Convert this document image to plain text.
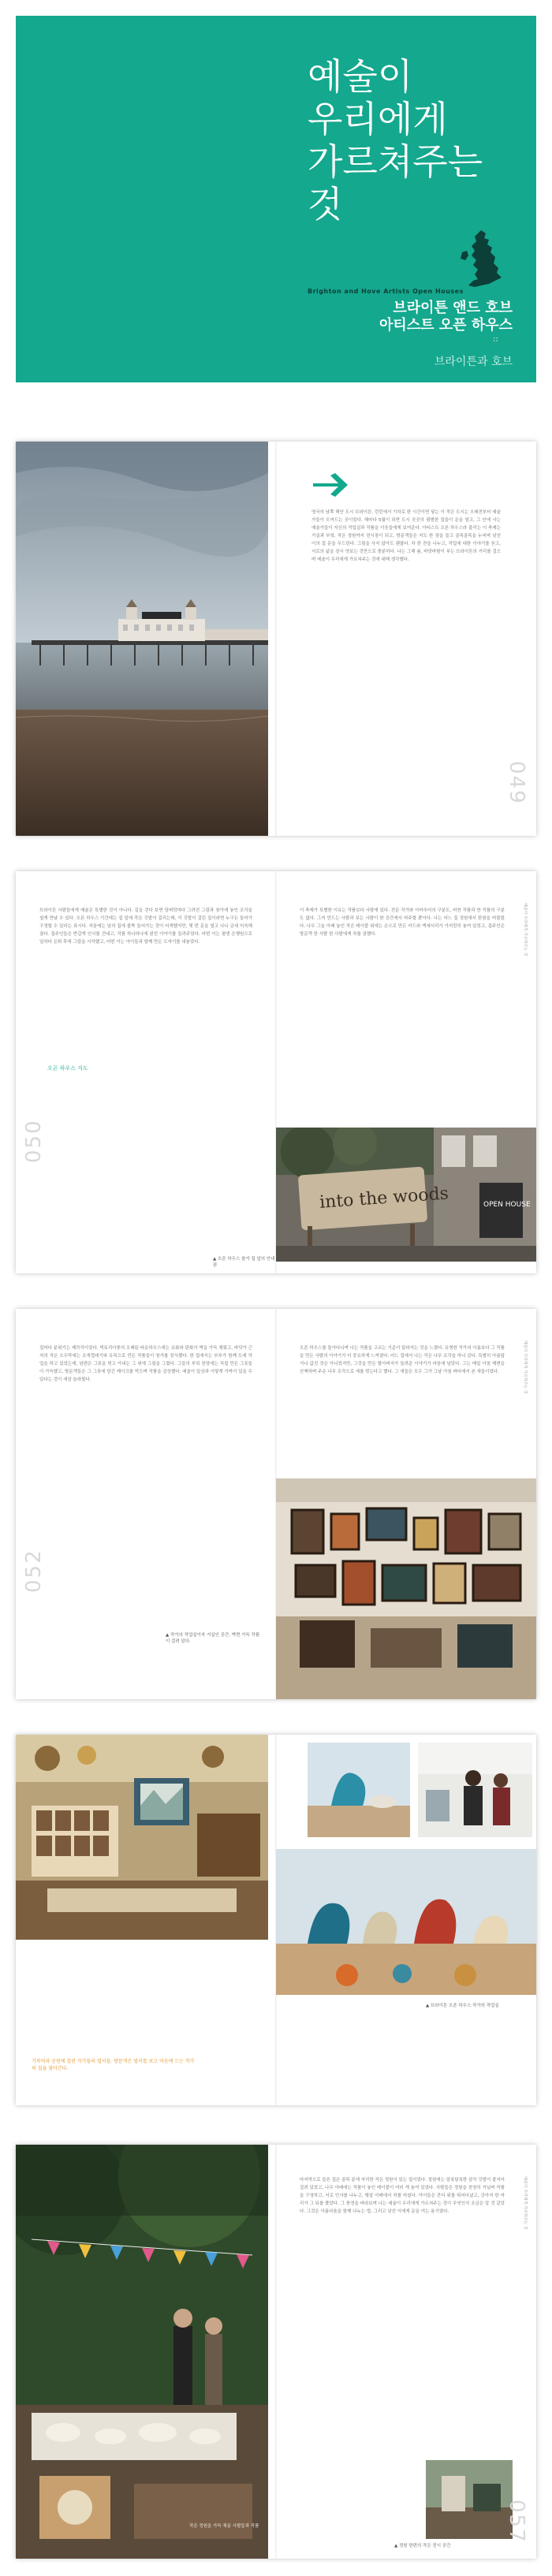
예술이
우리에게
가르쳐주는
것
Brighton and Hove Artists Open Houses
브라이튼 앤드 호브
아티스트 오픈 하우스
::
브라이튼과 호브

영국의 남쪽 해안 도시 브라이튼. 런던에서 기차로 한 시간이면 닿는 이 작은 도시는 오래전부터 예술가들이 모여드는 곳이었다. 해마다 5월이 되면 도시 곳곳의 평범한 집들이 문을 열고, 그 안에 사는 예술가들이 자신의 작업실과 작품을 이웃들에게 보여준다. 아티스트 오픈 하우스라 불리는 이 축제는 거실과 부엌, 작은 정원까지 전시장이 되고, 방문객들은 지도 한 장을 들고 골목골목을 누비며 낯선 이의 집 문을 두드린다. 그림을 사지 않아도 괜찮다. 차 한 잔을 나누고, 작업에 대한 이야기를 듣고, 서로의 삶을 잠시 엿보는 것만으로 충분하다. 나는 그해 봄, 바닷바람이 부는 브라이튼의 거리를 걸으며 예술이 우리에게 가르쳐주는 것에 대해 생각했다.

049

브라이튼 사람들에게 예술은 특별한 것이 아니다. 길을 걷다 보면 담벼락마다 그려진 그림과 창가에 놓인 조각을 쉽게 만날 수 있다. 오픈 하우스 기간에는 집 앞에 작은 깃발이 걸리는데, 이 깃발이 걸린 집이라면 누구든 들어가 구경할 수 있다는 표시다. 처음에는 남의 집에 불쑥 들어가는 것이 어색했지만, 몇 번 문을 열고 나니 금세 익숙해졌다. 집주인들은 반갑게 인사를 건네고, 작품 하나하나에 얽힌 이야기를 들려주었다. 어떤 이는 평생 은행원으로 일하다 은퇴 후에 그림을 시작했고, 어떤 이는 아이들과 함께 만든 도자기를 내놓았다.

오픈 하우스 지도
050

이 축제가 특별한 이유는 작품보다 사람에 있다. 전문 작가와 아마추어의 구분도, 비싼 작품과 싼 작품의 구분도 없다. 그저 만드는 사람과 보는 사람이 한 공간에서 마주할 뿐이다. 나는 어느 집 정원에서 한참을 머물렀다. 나무 그늘 아래 놓인 작은 테이블 위에는 손으로 만든 카드와 액세서리가 가지런히 놓여 있었고, 집주인은 방문객 한 사람 한 사람에게 차를 권했다.	예술이 우리에게 가르쳐주는 것
into the woods	OPEN HOUSE
▲ 오픈 하우스 참가 집 앞의 안내판

집마다 분위기는 제각각이었다. 빅토리아풍의 오래된 타운하우스에는 유화와 판화가 벽을 가득 채웠고, 바닷가 근처의 작은 오두막에는 조개껍데기와 유목으로 만든 작품들이 창가를 장식했다. 한 집에서는 부부가 함께 도예 작업을 하고 있었는데, 남편은 그릇을 빚고 아내는 그 위에 그림을 그렸다. 그들의 부엌 찬장에는 직접 만든 그릇들이 가득했고, 방문객들은 그 그릇에 담긴 케이크를 먹으며 작품을 감상했다. 예술이 일상과 이렇게 가까이 있을 수 있다는 것이 새삼 놀라웠다.

052
▲ 작가의 작업실이자 거실인 공간. 벽면 가득 작품이 걸려 있다.

오픈 하우스를 돌아다니며 나는 작품을 고르는 기준이 달라지는 것을 느꼈다. 유명한 작가의 이름보다 그 작품을 만든 사람의 이야기가 더 중요하게 느껴졌다. 어느 집에서 나는 작은 나무 조각을 하나 샀다. 특별히 아름답거나 값진 것은 아니었지만, 그것을 만든 할아버지가 들려준 이야기가 마음에 남았다. 그는 매일 아침 해변을 산책하며 주운 나무 조각으로 새를 깎는다고 했다. 그 새들은 모두 그가 그날 아침 바다에서 본 새들이었다.	예술이 우리에게 가르쳐주는 것
기차역과 공원에 걸린 작가들의 엽서들. 방문객은 엽서를 보고 마음에 드는 작가의 집을 찾아간다.
▲ 브라이튼 오픈 하우스 작가의 작업실
작은 정원을 가득 채운 사람들과 작품

마지막으로 들른 집은 골목 끝에 자리한 작은 정원이 있는 집이었다. 정원에는 알록달록한 삼각 깃발이 줄지어 걸려 있었고, 나무 아래에는 작품이 놓인 테이블이 여러 개 놓여 있었다. 사람들은 정원을 천천히 거닐며 작품을 구경하고, 서로 인사를 나누고, 햇살 아래에서 차를 마셨다. 아이들은 잔디 위를 뛰어다녔고, 강아지 한 마리가 그 뒤를 쫓았다. 그 풍경을 바라보며 나는 예술이 우리에게 가르쳐주는 것이 무엇인지 조금은 알 것 같았다. 그것은 아름다움을 함께 나누는 법, 그리고 낯선 이에게 문을 여는 용기였다.	예술이 우리에게 가르쳐주는 것
▲ 정원 한편의 작은 전시 공간
057
